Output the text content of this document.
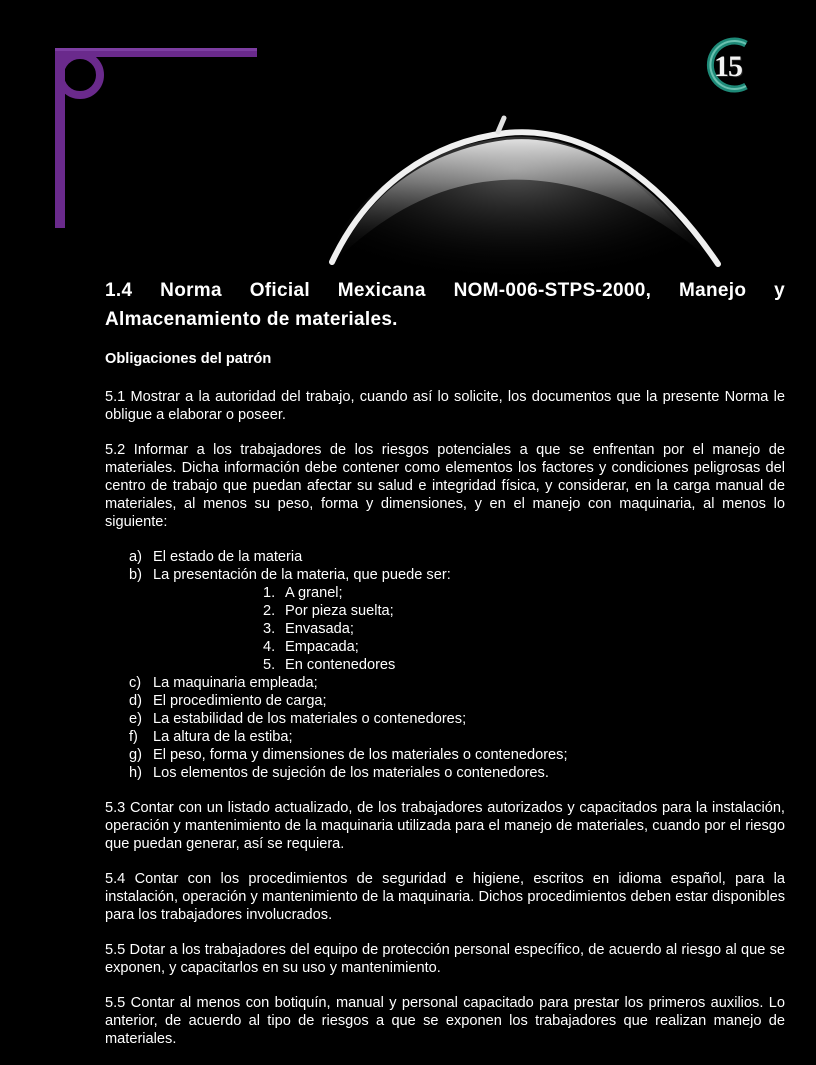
15
1.4 Norma Oficial Mexicana NOM-006-STPS-2000, Manejo y Almacenamiento de materiales.
Obligaciones del patrón

5.1 Mostrar a la autoridad del trabajo, cuando así lo solicite, los documentos que la presente Norma le obligue a elaborar o poseer.

5.2 Informar a los trabajadores de los riesgos potenciales a que se enfrentan por el manejo de materiales. Dicha información debe contener como elementos los factores y condiciones peligrosas del centro de trabajo que puedan afectar su salud e integridad física, y considerar, en la carga manual de materiales, al menos su peso, forma y dimensiones, y en el manejo con maquinaria, al menos lo siguiente:

a) El estado de la materia
b) La presentación de la materia, que puede ser:
1. A granel;
2. Por pieza suelta;
3. Envasada;
4. Empacada;
5. En contenedores
c) La maquinaria empleada;
d) El procedimiento de carga;
e) La estabilidad de los materiales o contenedores;
f) La altura de la estiba;
g) El peso, forma y dimensiones de los materiales o contenedores;
h) Los elementos de sujeción de los materiales o contenedores.

5.3 Contar con un listado actualizado, de los trabajadores autorizados y capacitados para la instalación, operación y mantenimiento de la maquinaria utilizada para el manejo de materiales, cuando por el riesgo que puedan generar, así se requiera.

5.4 Contar con los procedimientos de seguridad e higiene, escritos en idioma español, para la instalación, operación y mantenimiento de la maquinaria. Dichos procedimientos deben estar disponibles para los trabajadores involucrados.

5.5 Dotar a los trabajadores del equipo de protección personal específico, de acuerdo al riesgo al que se exponen, y capacitarlos en su uso y mantenimiento.

5.5 Contar al menos con botiquín, manual y personal capacitado para prestar los primeros auxilios. Lo anterior, de acuerdo al tipo de riesgos a que se exponen los trabajadores que realizan manejo de materiales.
